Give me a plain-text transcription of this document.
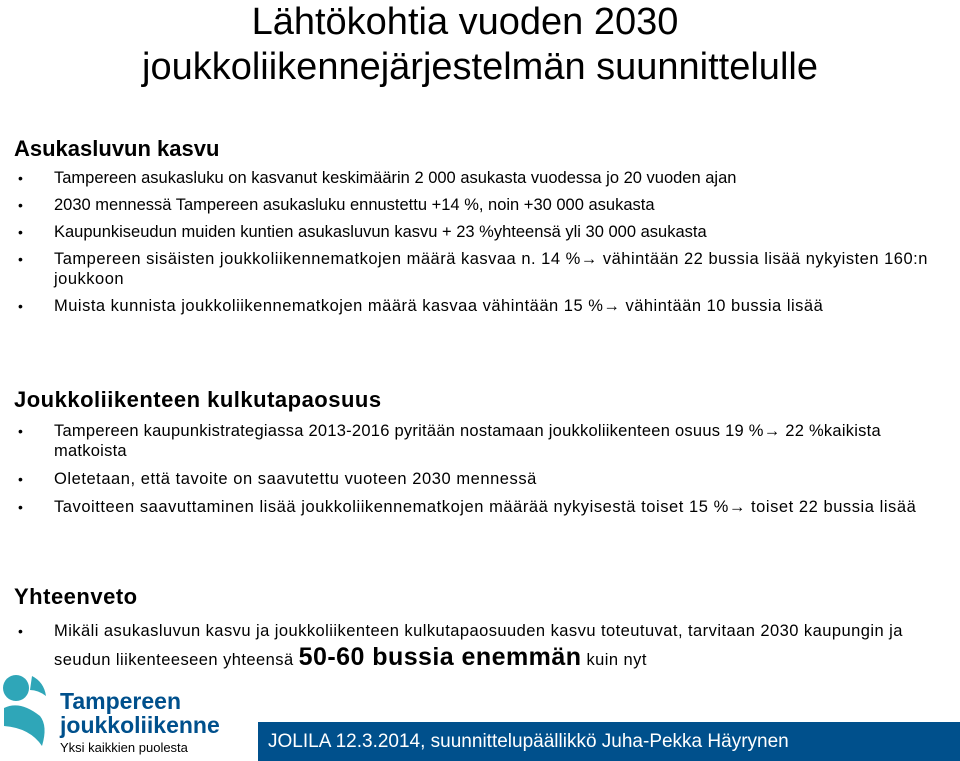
Lähtökohtia vuoden 2030
joukkoliikennejärjestelmän suunnittelulle
Asukasluvun kasvu
• Tampereen asukasluku on kasvanut keskimäärin 2 000 asukasta vuodessa jo 20 vuoden ajan
• 2030 mennessä Tampereen asukasluku ennustettu +14 %, noin +30 000 asukasta
• Kaupunkiseudun muiden kuntien asukasluvun kasvu + 23 %yhteensä yli 30 000 asukasta
• Tampereen sisäisten joukkoliikennematkojen määrä kasvaa n. 14 %→ vähintään 22 bussia lisää nykyisten 160:n joukkoon
• Muista kunnista joukkoliikennematkojen määrä kasvaa vähintään 15 %→ vähintään 10 bussia lisää
Joukkoliikenteen kulkutapaosuus
• Tampereen kaupunkistrategiassa 2013-2016 pyritään nostamaan joukkoliikenteen osuus 19 %→ 22 %kaikista matkoista
• Oletetaan, että tavoite on saavutettu vuoteen 2030 mennessä
• Tavoitteen saavuttaminen lisää joukkoliikennematkojen määrää nykyisestä toiset 15 %→ toiset 22 bussia lisää
Yhteenveto
• Mikäli asukasluvun kasvu ja joukkoliikenteen kulkutapaosuuden kasvu toteutuvat, tarvitaan 2030 kaupungin ja seudun liikenteeseen yhteensä 50-60 bussia enemmän kuin nyt
Tampereen
joukkoliikenne
Yksi kaikkien puolesta	JOLILA 12.3.2014, suunnittelupäällikkö Juha-Pekka Häyrynen
